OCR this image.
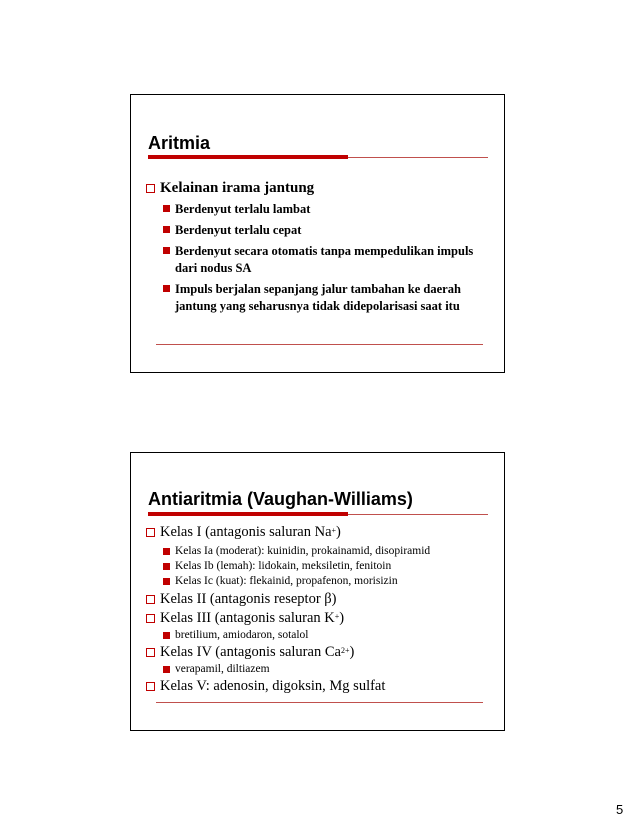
Aritmia
Kelainan irama jantung
Berdenyut terlalu lambat
Berdenyut terlalu cepat
Berdenyut secara otomatis tanpa mempedulikan impuls dari nodus SA
Impuls berjalan sepanjang jalur tambahan ke daerah jantung yang seharusnya tidak didepolarisasi saat itu
Antiaritmia (Vaughan-Williams)
Kelas I (antagonis saluran Na+)
Kelas Ia (moderat): kuinidin, prokainamid, disopiramid
Kelas Ib (lemah): lidokain, meksiletin, fenitoin
Kelas Ic (kuat): flekainid, propafenon, morisizin
Kelas II (antagonis reseptor β)
Kelas III (antagonis saluran K+)
bretilium, amiodaron, sotalol
Kelas IV (antagonis saluran $Ca^{2+}$)
verapamil, diltiazem
Kelas V: adenosin, digoksin, Mg sulfat
5
